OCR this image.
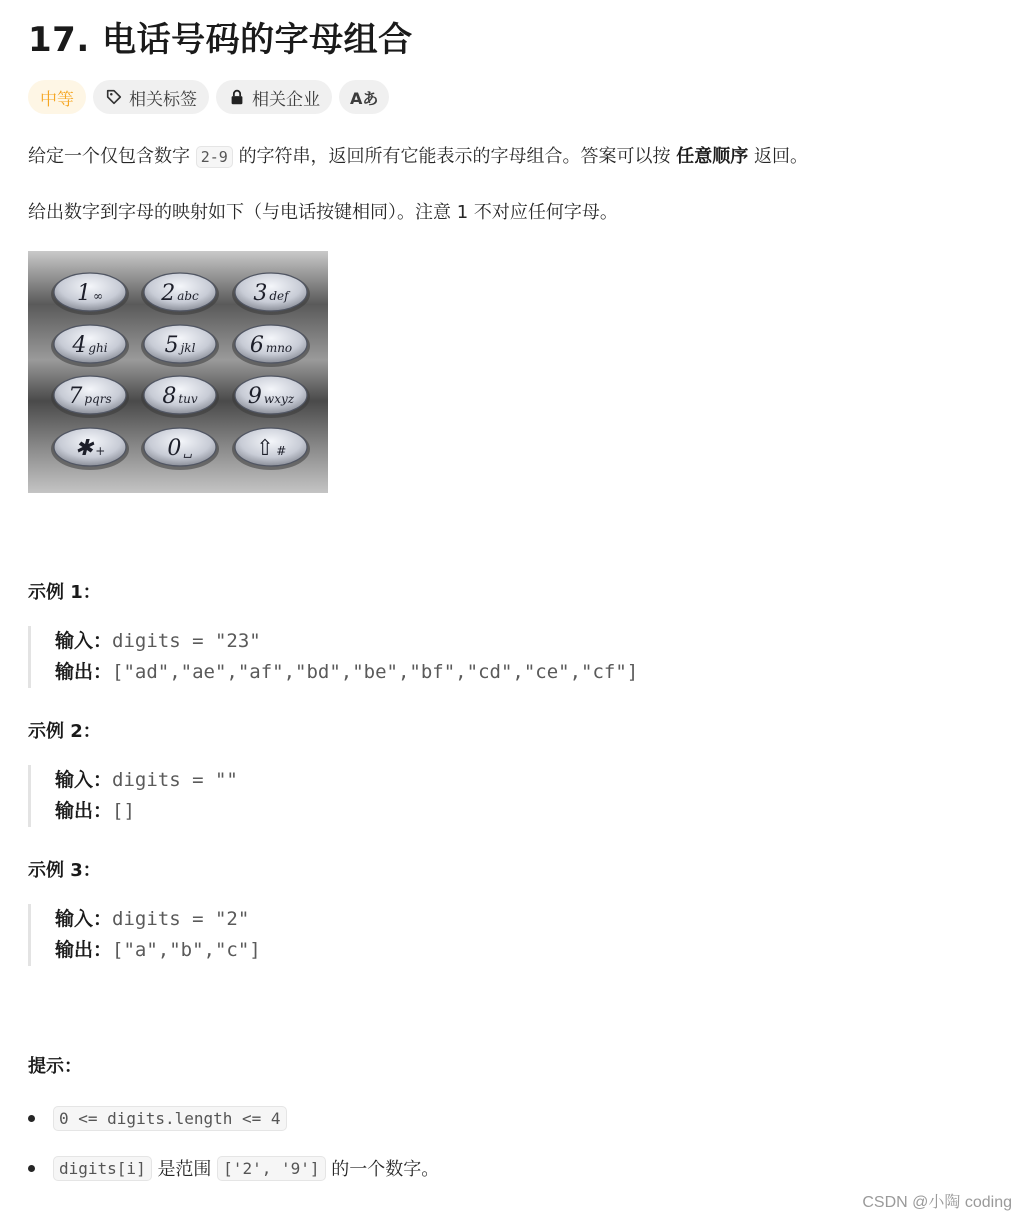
17. 电话号码的字母组合
中等	相关标签	相关企业 Aあ
给定一个仅包含数字 2-9 的字符串，返回所有它能表示的字母组合。答案可以按 任意顺序 返回。
给出数字到字母的映射如下（与电话按键相同）。注意 1 不对应任何字母。
1 ∞	2 abc 3 def
4 ghi	5 jkl 6 mno
7 pqrs 8 tuv 9 wxyz
✱ +	0 ␣	⇧ #
示例 1：
输入：digits = "23"
输出：["ad","ae","af","bd","be","bf","cd","ce","cf"]
示例 2：
输入：digits = ""
输出：[]
示例 3：
输入：digits = "2"
输出：["a","b","c"]
提示：
0 <= digits.length <= 4
digits[i]
是范围
['2', '9']
的一个数字。
CSDN @小陶 coding
